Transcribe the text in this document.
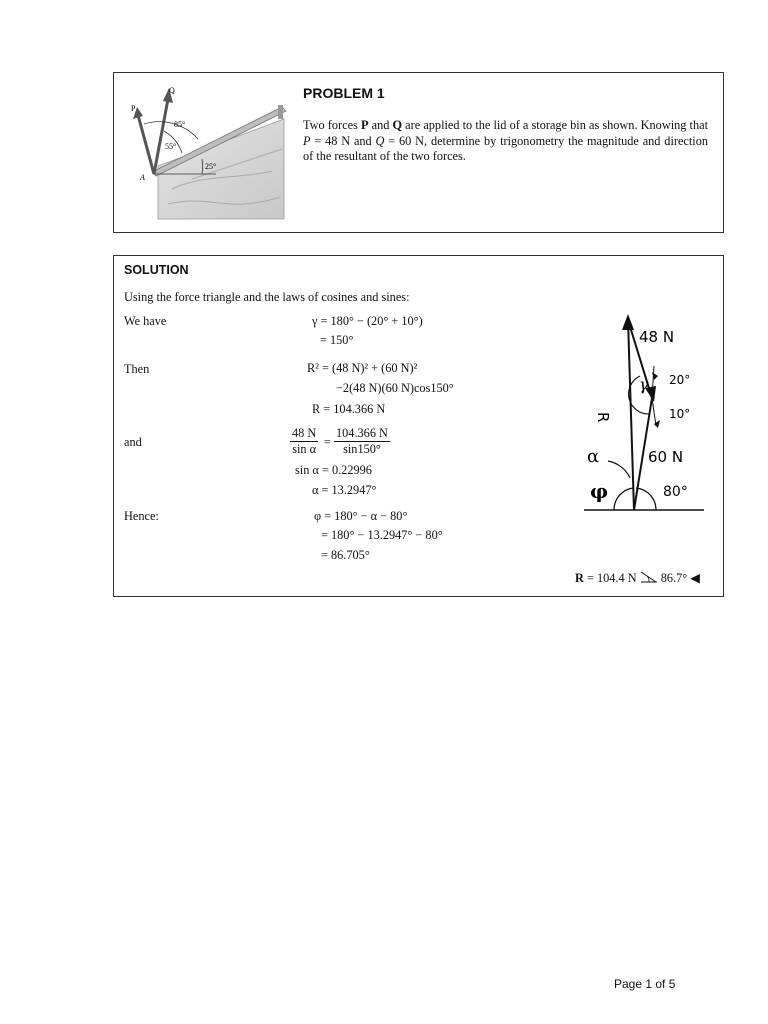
P
Q
85°
55°
25°
A
PROBLEM 1
Two forces P and Q are applied to the lid of a storage bin as shown. Knowing that P = 48 N and Q = 60 N, determine by trigonometry the magnitude and direction of the resultant of the two forces.
SOLUTION
Using the force triangle and the laws of cosines and sines:
We have	γ = 180° − (20° + 10°)
= 150°
Then	R² = (48 N)² + (60 N)²
−2(48 N)(60 N)cos150°
R = 104.366 N
and	$\frac{48 N}{\text{sin α}} = \frac{104.366 N}{\sin 150^\circ}$
sin α = 0.22996
α = 13.2947°
Hence:	φ = 180° − α − 80°
= 180° − 13.2947° − 80°
= 86.705°
R = 104.4 N 86.7° ◀
48 N
20°
10°
60 N
80°
γ
R
α
φ
Page 1 of 5
